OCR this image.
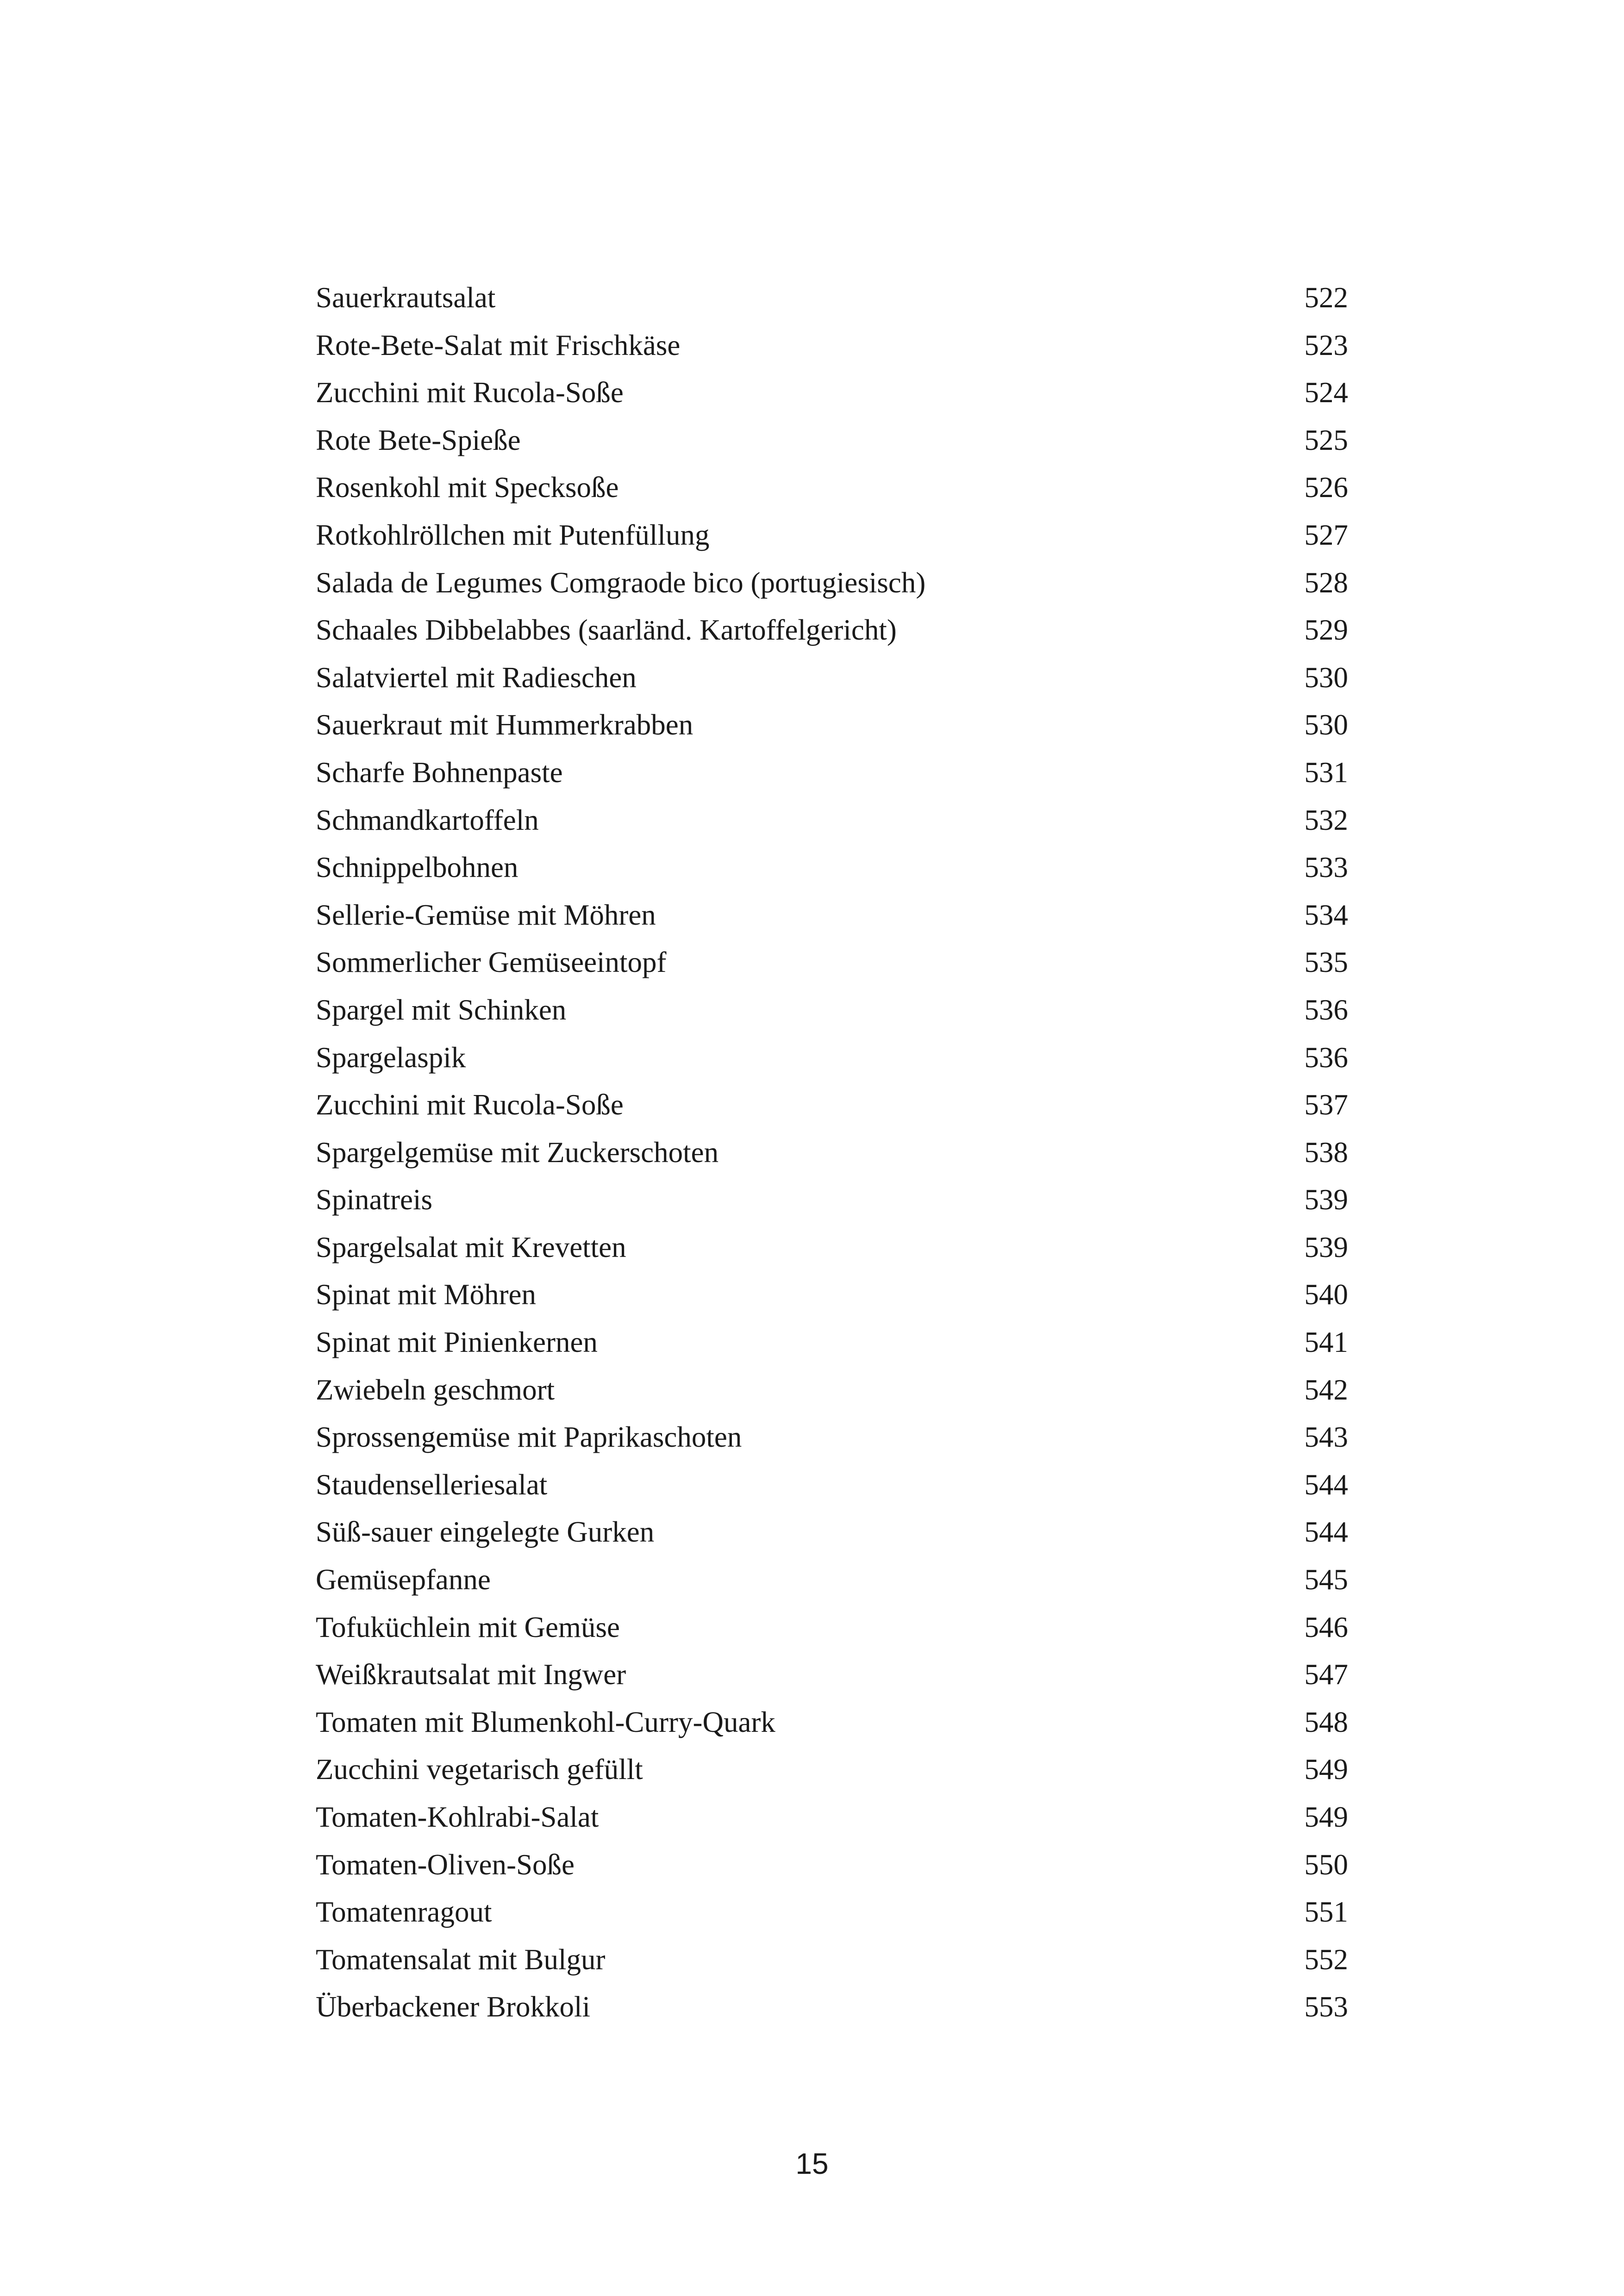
Sauerkrautsalat	522
Rote-Bete-Salat mit Frischkäse	523
Zucchini mit Rucola-Soße	524
Rote Bete-Spieße	525
Rosenkohl mit Specksoße	526
Rotkohlröllchen mit Putenfüllung	527
Salada de Legumes Comgraode bico (portugiesisch)	528
Schaales Dibbelabbes (saarländ. Kartoffelgericht)	529
Salatviertel mit Radieschen	530
Sauerkraut mit Hummerkrabben	530
Scharfe Bohnenpaste	531
Schmandkartoffeln	532
Schnippelbohnen	533
Sellerie-Gemüse mit Möhren	534
Sommerlicher Gemüseeintopf	535
Spargel mit Schinken	536
Spargelaspik	536
Zucchini mit Rucola-Soße	537
Spargelgemüse mit Zuckerschoten	538
Spinatreis	539
Spargelsalat mit Krevetten	539
Spinat mit Möhren	540
Spinat mit Pinienkernen	541
Zwiebeln geschmort	542
Sprossengemüse mit Paprikaschoten	543
Staudenselleriesalat	544
Süß-sauer eingelegte Gurken	544
Gemüsepfanne	545
Tofuküchlein mit Gemüse	546
Weißkrautsalat mit Ingwer	547
Tomaten mit Blumenkohl-Curry-Quark	548
Zucchini vegetarisch gefüllt	549
Tomaten-Kohlrabi-Salat	549
Tomaten-Oliven-Soße	550
Tomatenragout	551
Tomatensalat mit Bulgur	552
Überbackener Brokkoli	553
15
